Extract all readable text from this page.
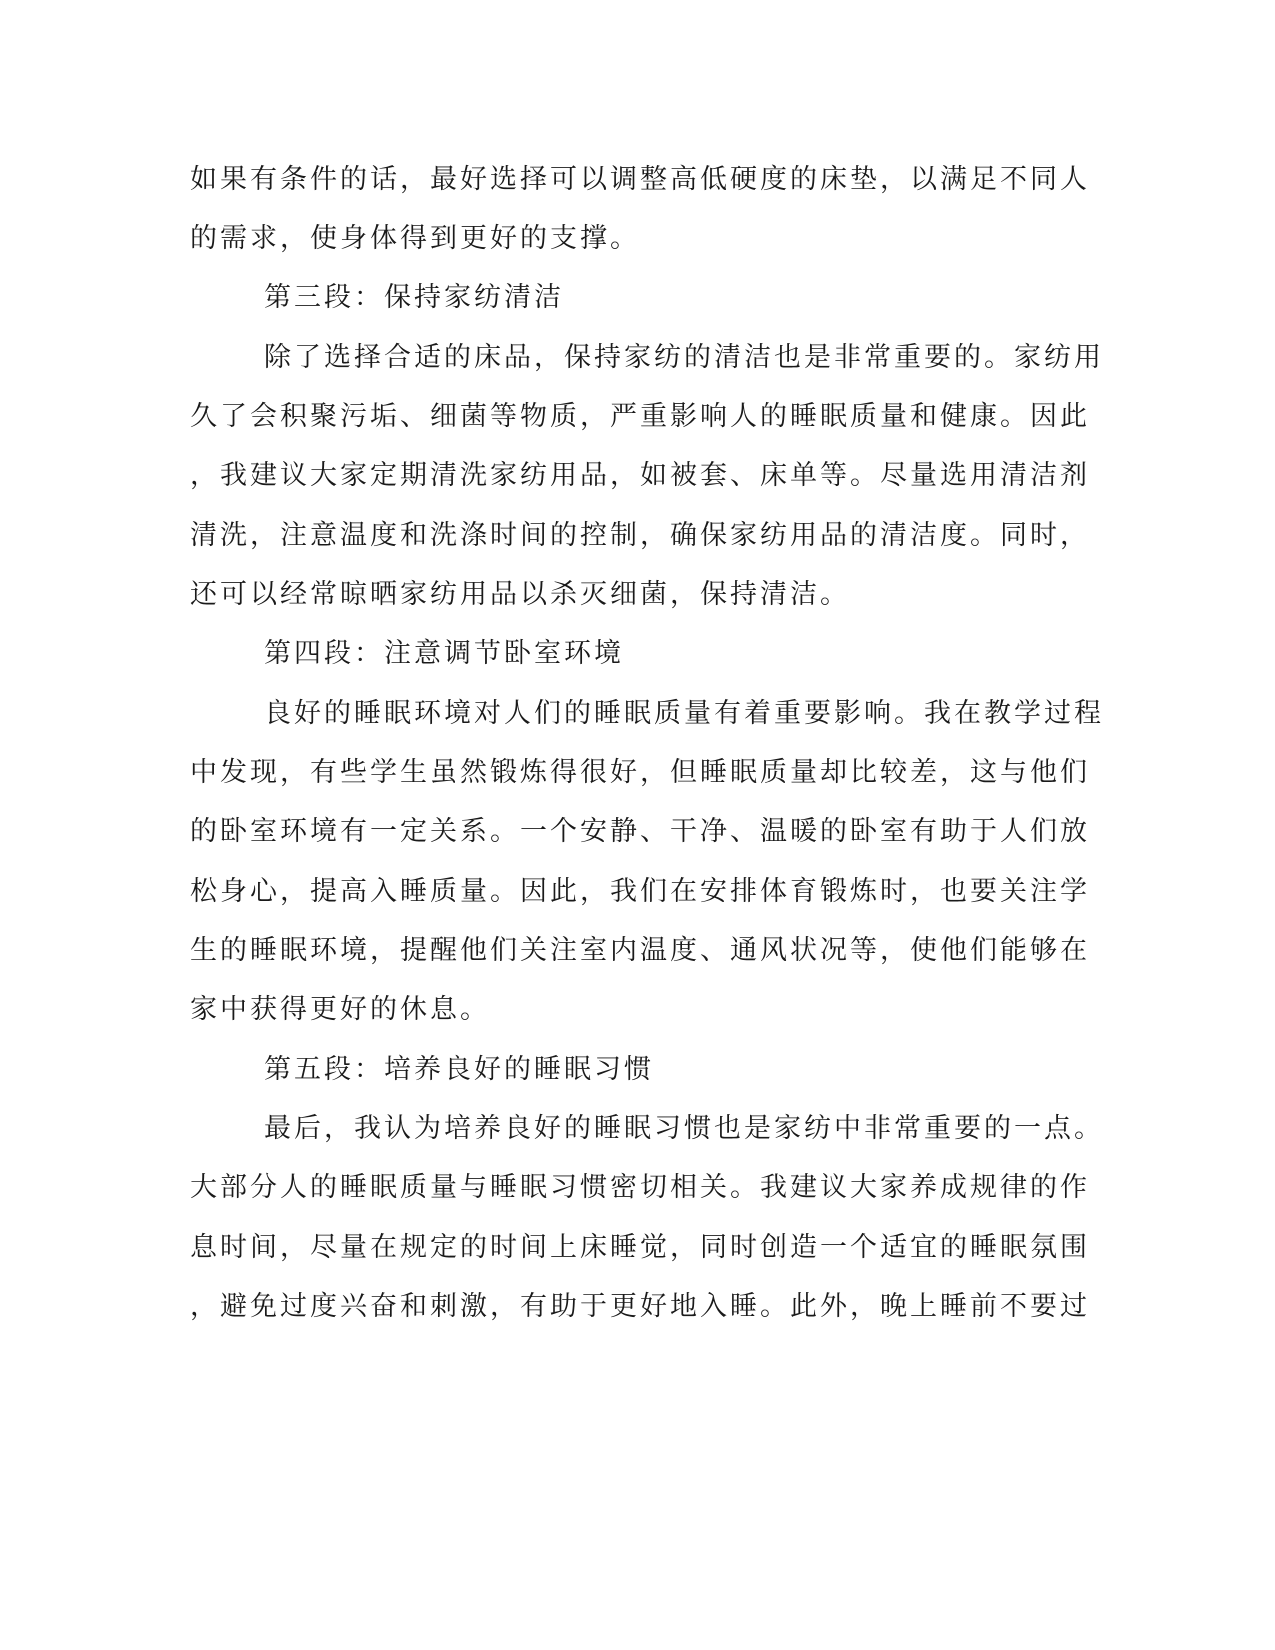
如果有条件的话，最好选择可以调整高低硬度的床垫，以满足不同人
的需求，使身体得到更好的支撑。
第三段：保持家纺清洁
除了选择合适的床品，保持家纺的清洁也是非常重要的。家纺用
久了会积聚污垢、细菌等物质，严重影响人的睡眠质量和健康。因此
，我建议大家定期清洗家纺用品，如被套、床单等。尽量选用清洁剂
清洗，注意温度和洗涤时间的控制，确保家纺用品的清洁度。同时，
还可以经常晾晒家纺用品以杀灭细菌，保持清洁。
第四段：注意调节卧室环境
良好的睡眠环境对人们的睡眠质量有着重要影响。我在教学过程
中发现，有些学生虽然锻炼得很好，但睡眠质量却比较差，这与他们
的卧室环境有一定关系。一个安静、干净、温暖的卧室有助于人们放
松身心，提高入睡质量。因此，我们在安排体育锻炼时，也要关注学
生的睡眠环境，提醒他们关注室内温度、通风状况等，使他们能够在
家中获得更好的休息。
第五段：培养良好的睡眠习惯
最后，我认为培养良好的睡眠习惯也是家纺中非常重要的一点。
大部分人的睡眠质量与睡眠习惯密切相关。我建议大家养成规律的作
息时间，尽量在规定的时间上床睡觉，同时创造一个适宜的睡眠氛围
，避免过度兴奋和刺激，有助于更好地入睡。此外，晚上睡前不要过
